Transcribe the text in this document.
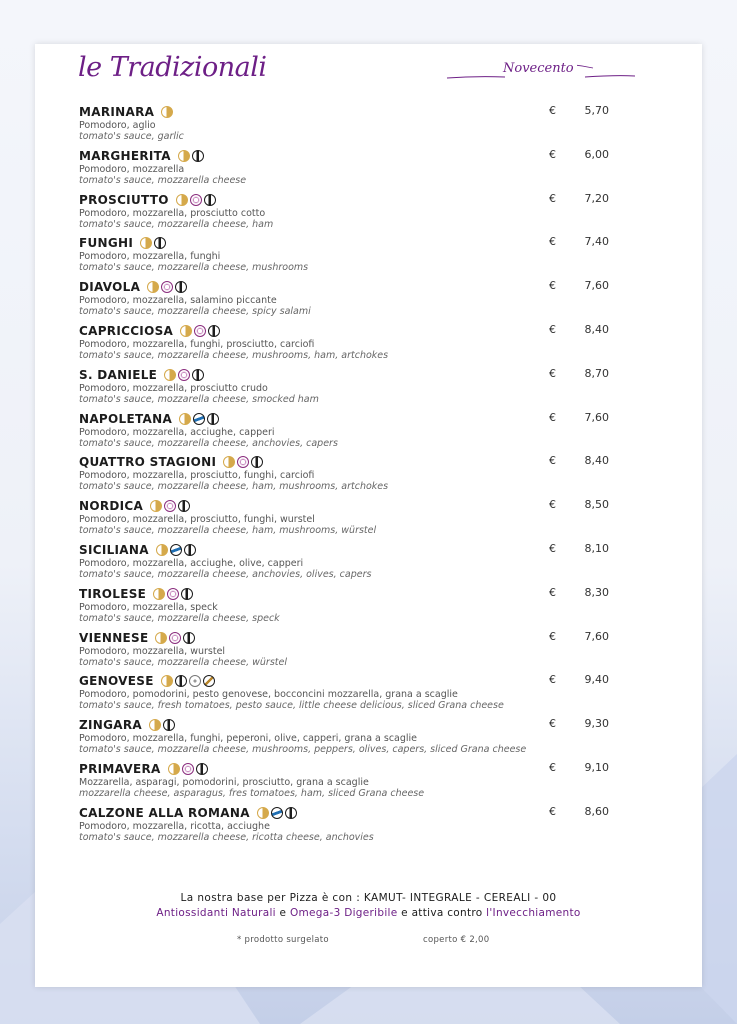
le Tradizionali	Novecento
MARINARA
Pomodoro, aglio
tomato's sauce, garlic
€	5,70
MARGHERITA
Pomodoro, mozzarella
tomato's sauce, mozzarella cheese
€	6,00
PROSCIUTTO
Pomodoro, mozzarella, prosciutto cotto
tomato's sauce, mozzarella cheese, ham
€	7,20
FUNGHI
Pomodoro, mozzarella, funghi
tomato's sauce, mozzarella cheese, mushrooms
€	7,40
DIAVOLA
Pomodoro, mozzarella, salamino piccante
tomato's sauce, mozzarella cheese, spicy salami
€	7,60
CAPRICCIOSA
Pomodoro, mozzarella, funghi, prosciutto, carciofi
tomato's sauce, mozzarella cheese, mushrooms, ham, artchokes
€	8,40
S. DANIELE
Pomodoro, mozzarella, prosciutto crudo
tomato's sauce, mozzarella cheese, smocked ham
€	8,70
NAPOLETANA
Pomodoro, mozzarella, acciughe, capperi
tomato's sauce, mozzarella cheese, anchovies, capers
€	7,60
QUATTRO STAGIONI
Pomodoro, mozzarella, prosciutto, funghi, carciofi
tomato's sauce, mozzarella cheese, ham, mushrooms, artchokes
€	8,40
NORDICA
Pomodoro, mozzarella, prosciutto, funghi, wurstel
tomato's sauce, mozzarella cheese, ham, mushrooms, würstel
€	8,50
SICILIANA
Pomodoro, mozzarella, acciughe, olive, capperi
tomato's sauce, mozzarella cheese, anchovies, olives, capers
€	8,10
TIROLESE
Pomodoro, mozzarella, speck
tomato's sauce, mozzarella cheese, speck
€	8,30
VIENNESE
Pomodoro, mozzarella, wurstel
tomato's sauce, mozzarella cheese, würstel
€	7,60
GENOVESE
Pomodoro, pomodorini, pesto genovese, bocconcini mozzarella, grana a scaglie
tomato's sauce, fresh tomatoes, pesto sauce, little cheese delicious, sliced Grana cheese
€	9,40
ZINGARA
Pomodoro, mozzarella, funghi, peperoni, olive, capperi, grana a scaglie
tomato's sauce, mozzarella cheese, mushrooms, peppers, olives, capers, sliced Grana cheese
€	9,30
PRIMAVERA
Mozzarella, asparagi, pomodorini, prosciutto, grana a scaglie
mozzarella cheese, asparagus, fres tomatoes, ham, sliced Grana cheese
€	9,10
CALZONE ALLA ROMANA
Pomodoro, mozzarella, ricotta, acciughe
tomato's sauce, mozzarella cheese, ricotta cheese, anchovies
€	8,60
La nostra base per Pizza è con : KAMUT- INTEGRALE - CEREALI - 00
Antiossidanti Naturali e Omega-3 Digeribile e attiva contro l'Invecchiamento
* prodotto surgelato	coperto € 2,00
